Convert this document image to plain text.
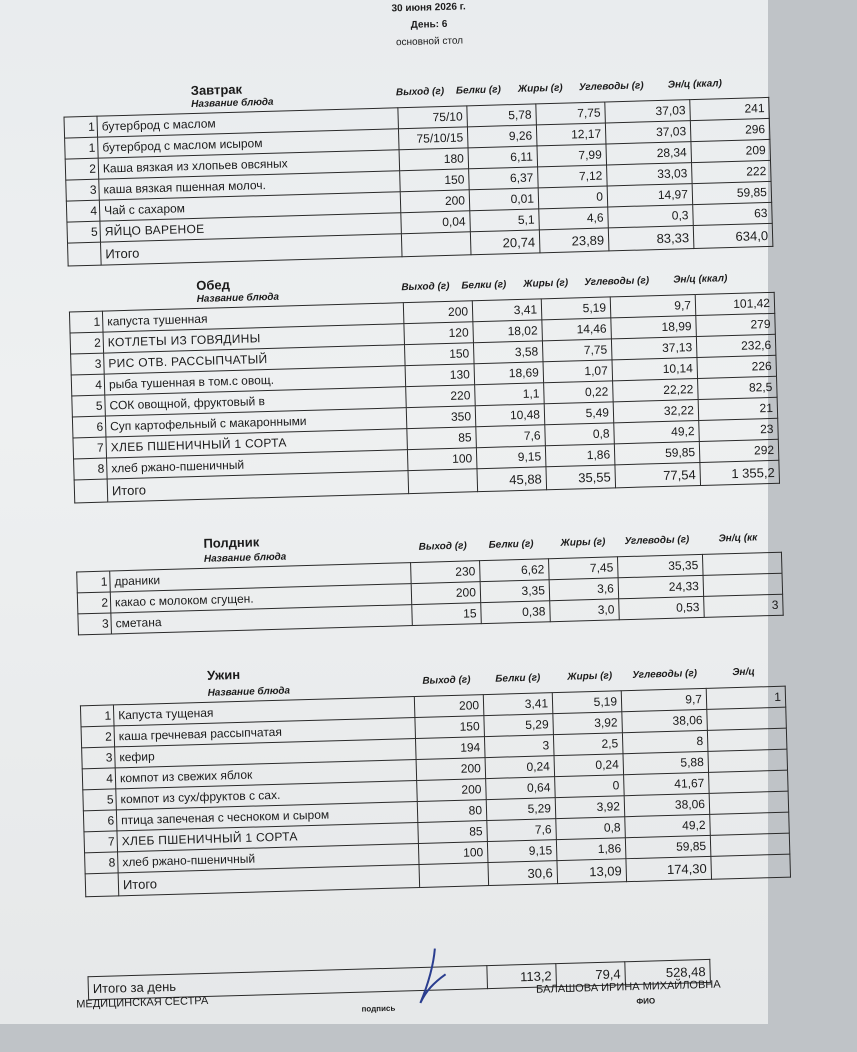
30 июня 2026 г.
День: 6
основной стол
Завтрак
Название блюда
Выход (г) Белки (г) Жиры (г) Углеводы (г) Эн/ц (ккал)
1	бутерброд с маслом	75/10	5,78	7,75	37,03	241
1	бутерброд с маслом исыром	75/10/15	9,26	12,17	37,03	296
2	Каша вязкая из хлопьев овсяных	180	6,11	7,99	28,34	209
3	каша вязкая пшенная молоч.	150	6,37	7,12	33,03	222
4	Чай с сахаром	200	0,01	0	14,97	59,85
5	ЯЙЦО ВАРЕНОЕ	0,04	5,1	4,6	0,3	63
	Итого		20,74	23,89	83,33	634,0
Обед
Название блюда
Выход (г) Белки (г) Жиры (г) Углеводы (г) Эн/ц (ккал)
1	капуста тушенная	200	3,41	5,19	9,7	101,42
2	КОТЛЕТЫ ИЗ ГОВЯДИНЫ	120	18,02	14,46	18,99	279
3	РИС ОТВ. РАССЫПЧАТЫЙ	150	3,58	7,75	37,13	232,6
4	рыба тушенная в том.с овощ.	130	18,69	1,07	10,14	226
5	СОК овощной, фруктовый в	220	1,1	0,22	22,22	82,5
6	Суп картофельный с макаронными	350	10,48	5,49	32,22	21
7	ХЛЕБ ПШЕНИЧНЫЙ 1 СОРТА	85	7,6	0,8	49,2	23
8	хлеб ржано-пшеничный	100	9,15	1,86	59,85	292
	Итого		45,88	35,55	77,54	1 355,2
Полдник
Название блюда
Выход (г) Белки (г)	Жиры (г) Углеводы (г)	Эн/ц (кк
1	драники	230	6,62	7,45	35,35	
2	какао с молоком сгущен.	200	3,35	3,6	24,33	
3	сметана	15	0,38	3,0	0,53	3
Ужин
Название блюда
Выход (г) Белки (г)	Жиры (г) Углеводы (г)	Эн/ц
1	Капуста тущеная	200	3,41	5,19	9,7	1
2	каша гречневая рассыпчатая	150	5,29	3,92	38,06	
3	кефир	194	3	2,5	8	
4	компот из свежих яблок	200	0,24	0,24	5,88	
5	компот из сух/фруктов с сах.	200	0,64	0	41,67	
6	птица запеченая с чесноком и сыром	80	5,29	3,92	38,06	
7	ХЛЕБ ПШЕНИЧНЫЙ 1 СОРТА	85	7,6	0,8	49,2	
8	хлеб ржано-пшеничный	100	9,15	1,86	59,85	
	Итого		30,6	13,09	174,30	
Итого за день	113,2	79,4	528,48
МЕДИЦИНСКАЯ СЕСТРА	подпись
БАЛАШОВА ИРИНА МИХАЙЛОВНА
ФИО
